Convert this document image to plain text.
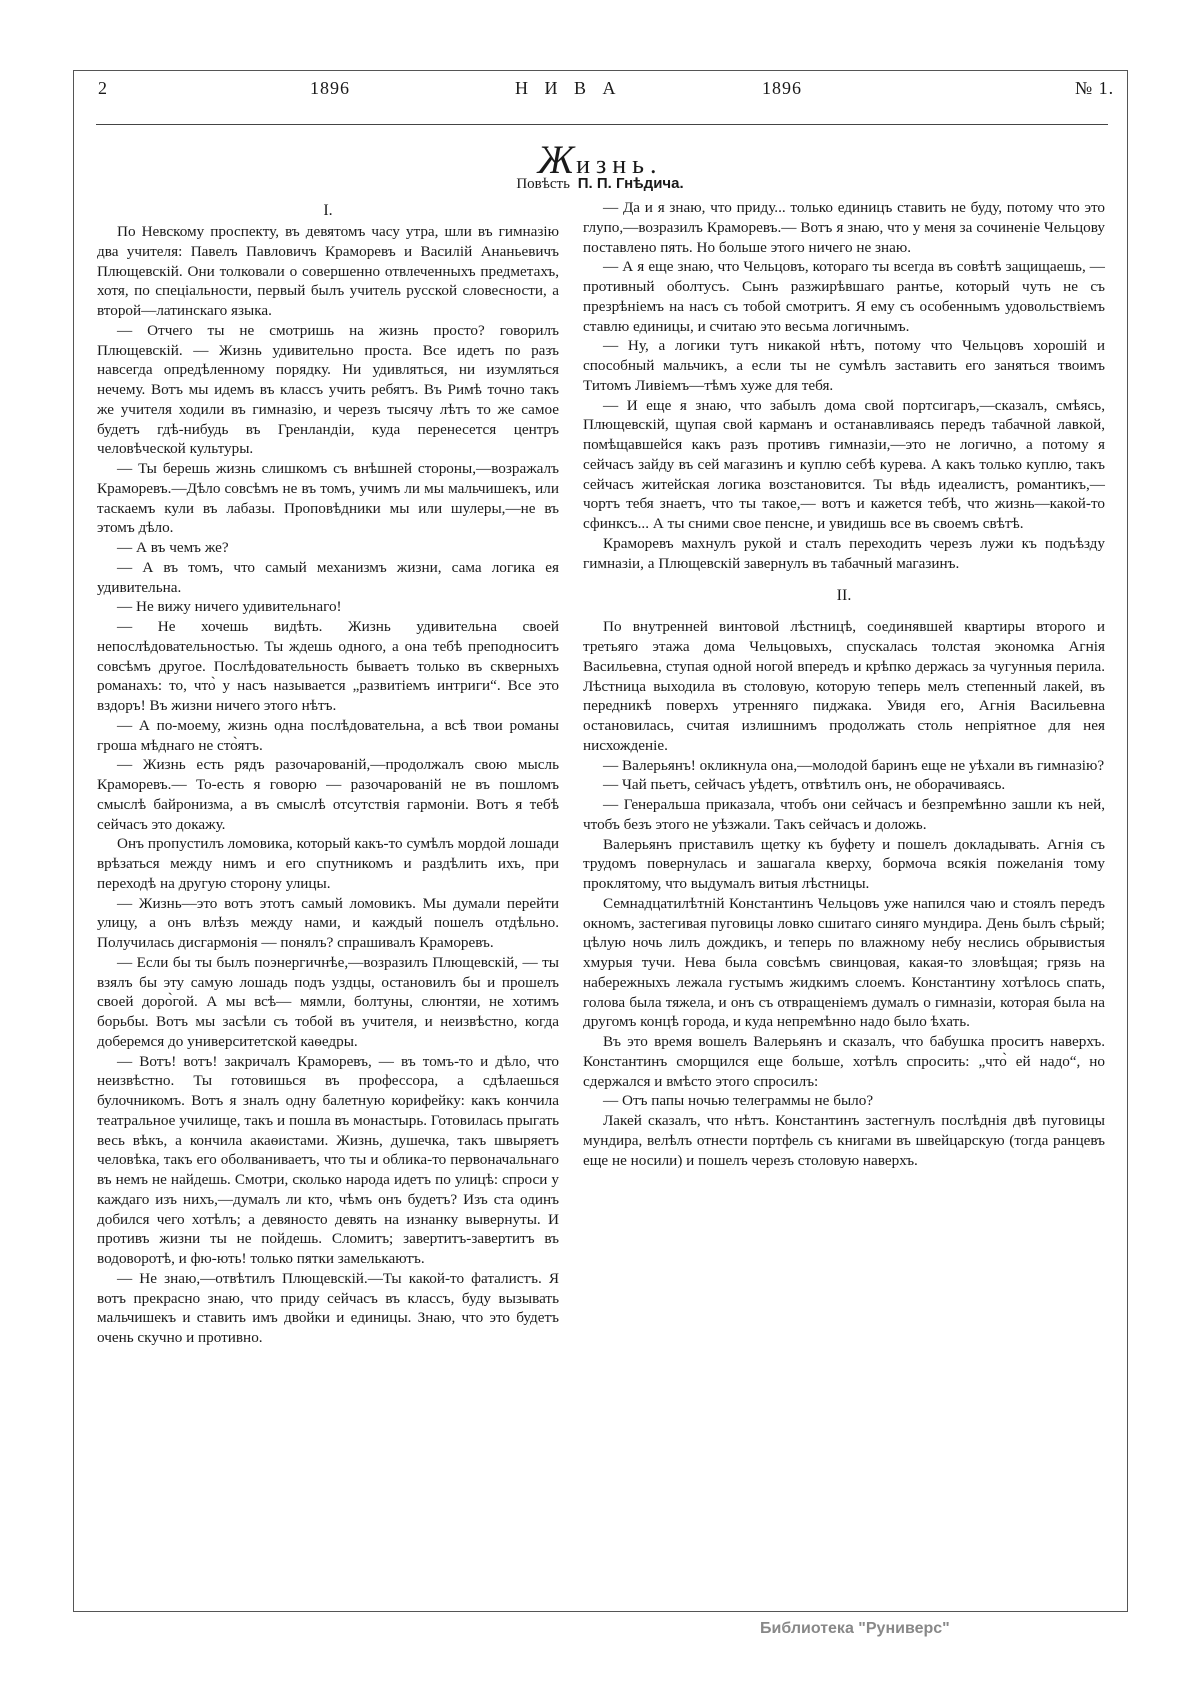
2	1896	Н И В А	1896	№ 1.
Жизнь.
Повѣсть П. П. Гнѣдича.
I.

По Невскому проспекту, въ девятомъ часу утра, шли въ гимназію два учителя: Павелъ Павловичъ Краморевъ и Василій Ананьевичъ Плющевскій. Они толковали о совершенно отвлеченныхъ предметахъ, хотя, по спеціальности, первый былъ учитель русской словесности, а второй—латинскаго языка.

— Отчего ты не смотришь на жизнь просто? говорилъ Плющевскій. — Жизнь удивительно проста. Все идетъ по разъ навсегда опредѣленному порядку. Ни удивляться, ни изумляться нечему. Вотъ мы идемъ въ классъ учить ребятъ. Въ Римѣ точно такъ же учителя ходили въ гимназію, и черезъ тысячу лѣтъ то же самое будетъ гдѣ-нибудь въ Гренландіи, куда перенесется центръ человѣческой культуры.

— Ты берешь жизнь слишкомъ съ внѣшней стороны,—возражалъ Краморевъ.—Дѣло совсѣмъ не въ томъ, учимъ ли мы мальчишекъ, или таскаемъ кули въ лабазы. Проповѣдники мы или шулеры,—не въ этомъ дѣло.

— А въ чемъ же?

— А въ томъ, что самый механизмъ жизни, сама логика ея удивительна.

— Не вижу ничего удивительнаго!

— Не хочешь видѣть. Жизнь удивительна своей непослѣдовательностью. Ты ждешь одного, а она тебѣ преподноситъ совсѣмъ другое. Послѣдовательность бываетъ только въ скверныхъ романахъ: то, что̀ у насъ называется „развитіемъ интриги“. Все это вздоръ! Въ жизни ничего этого нѣтъ.

— А по-моему, жизнь одна послѣдовательна, а всѣ твои романы гроша мѣднаго не сто̀ятъ.

— Жизнь есть рядъ разочарованій,—продолжалъ свою мысль Краморевъ.— То-есть я говорю — разочарованій не въ пошломъ смыслѣ байронизма, а въ смыслѣ отсутствія гармоніи. Вотъ я тебѣ сейчасъ это докажу.

Онъ пропустилъ ломовика, который какъ-то сумѣлъ мордой лошади врѣзаться между нимъ и его спутникомъ и раздѣлить ихъ, при переходѣ на другую сторону улицы.

— Жизнь—это вотъ этотъ самый ломовикъ. Мы думали перейти улицу, а онъ влѣзъ между нами, и каждый пошелъ отдѣльно. Получилась дисгармонія — понялъ? спрашивалъ Краморевъ.

— Если бы ты былъ поэнергичнѣе,—возразилъ Плющевскій, — ты взялъ бы эту самую лошадь подъ уздцы, остановилъ бы и прошелъ своей доро̀гой. А мы всѣ— мямли, болтуны, слюнтяи, не хотимъ борьбы. Вотъ мы засѣли съ тобой въ учителя, и неизвѣстно, когда доберемся до университетской каѳедры.

— Вотъ! вотъ! закричалъ Краморевъ, — въ томъ-то и дѣло, что неизвѣстно. Ты готовишься въ профессора, а сдѣлаешься булочникомъ. Вотъ я зналъ одну балетную корифейку: какъ кончила театральное училище, такъ и пошла въ монастырь. Готовилась прыгать весь вѣкъ, а кончила акаѳистами. Жизнь, душечка, такъ швыряетъ человѣка, такъ его оболваниваетъ, что ты и облика-то первоначальнаго въ немъ не найдешь. Смотри, сколько народа идетъ по улицѣ: спроси у каждаго изъ нихъ,—думалъ ли кто, чѣмъ онъ будетъ? Изъ ста одинъ добился чего хотѣлъ; а девяносто девять на изнанку вывернуты. И противъ жизни ты не пойдешь. Сломитъ; завертитъ-завертитъ въ водоворотѣ, и фю-ють! только пятки замелькаютъ.

— Не знаю,—отвѣтилъ Плющевскій.—Ты какой-то фаталистъ. Я вотъ прекрасно знаю, что приду сейчасъ въ классъ, буду вызывать мальчишекъ и ставить имъ двойки и единицы. Знаю, что это будетъ очень скучно и противно.

— Да и я знаю, что приду... только единицъ ставить не буду, потому что это глупо,—возразилъ Краморевъ.— Вотъ я знаю, что у меня за сочиненіе Чельцову поставлено пять. Но больше этого ничего не знаю.

— А я еще знаю, что Чельцовъ, котораго ты всегда въ совѣтѣ защищаешь, — противный оболтусъ. Сынъ разжирѣвшаго рантье, который чуть не съ презрѣніемъ на насъ съ тобой смотритъ. Я ему съ особеннымъ удовольствіемъ ставлю единицы, и считаю это весьма логичнымъ.

— Ну, а логики тутъ никакой нѣтъ, потому что Чельцовъ хорошій и способный мальчикъ, а если ты не сумѣлъ заставить его заняться твоимъ Титомъ Ливіемъ—тѣмъ хуже для тебя.

— И еще я знаю, что забылъ дома свой портсигаръ,—сказалъ, смѣясь, Плющевскій, щупая свой карманъ и останавливаясь передъ табачной лавкой, помѣщавшейся какъ разъ противъ гимназіи,—это не логично, а потому я сейчасъ зайду въ сей магазинъ и куплю себѣ курева. А какъ только куплю, такъ сейчасъ житейская логика возстановится. Ты вѣдь идеалистъ, романтикъ,—чортъ тебя знаетъ, что ты такое,— вотъ и кажется тебѣ, что жизнь—какой-то сфинксъ... А ты сними свое пенсне, и увидишь все въ своемъ свѣтѣ.

Краморевъ махнулъ рукой и сталъ переходить черезъ лужи къ подъѣзду гимназіи, а Плющевскій завернулъ въ табачный магазинъ.

II.

По внутренней винтовой лѣстницѣ, соединявшей квартиры второго и третьяго этажа дома Чельцовыхъ, спускалась толстая экономка Агнія Васильевна, ступая одной ногой впередъ и крѣпко держась за чугунныя перила. Лѣстница выходила въ столовую, которую теперь мелъ степенный лакей, въ передникѣ поверхъ утренняго пиджака. Увидя его, Агнія Васильевна остановилась, считая излишнимъ продолжать столь непріятное для нея нисхожденіе.

— Валерьянъ! окликнула она,—молодой баринъ еще не уѣхали въ гимназію?

— Чай пьетъ, сейчасъ уѣдетъ, отвѣтилъ онъ, не оборачиваясь.

— Генеральша приказала, чтобъ они сейчасъ и безпремѣнно зашли къ ней, чтобъ безъ этого не уѣзжали. Такъ сейчасъ и доложь.

Валерьянъ приставилъ щетку къ буфету и пошелъ докладывать. Агнія съ трудомъ повернулась и зашагала кверху, бормоча всякія пожеланія тому проклятому, что выдумалъ витыя лѣстницы.

Семнадцатилѣтній Константинъ Чельцовъ уже напился чаю и стоялъ передъ окномъ, застегивая пуговицы ловко сшитаго синяго мундира. День былъ сѣрый; цѣлую ночь лилъ дождикъ, и теперь по влажному небу неслись обрывистыя хмурыя тучи. Нева была совсѣмъ свинцовая, какая-то зловѣщая; грязь на набережныхъ лежала густымъ жидкимъ слоемъ. Константину хотѣлось спать, голова была тяжела, и онъ съ отвращеніемъ думалъ о гимназіи, которая была на другомъ концѣ города, и куда непремѣнно надо было ѣхать.

Въ это время вошелъ Валерьянъ и сказалъ, что бабушка проситъ наверхъ. Константинъ сморщился еще больше, хотѣлъ спросить: „что̀ ей надо“, но сдержался и вмѣсто этого спросилъ:

— Отъ папы ночью телеграммы не было?

Лакей сказалъ, что нѣтъ. Константинъ застегнулъ послѣднія двѣ пуговицы мундира, велѣлъ отнести портфель съ книгами въ швейцарскую (тогда ранцевъ еще не носили) и пошелъ черезъ столовую наверхъ.

Библиотека "Руниверс"
